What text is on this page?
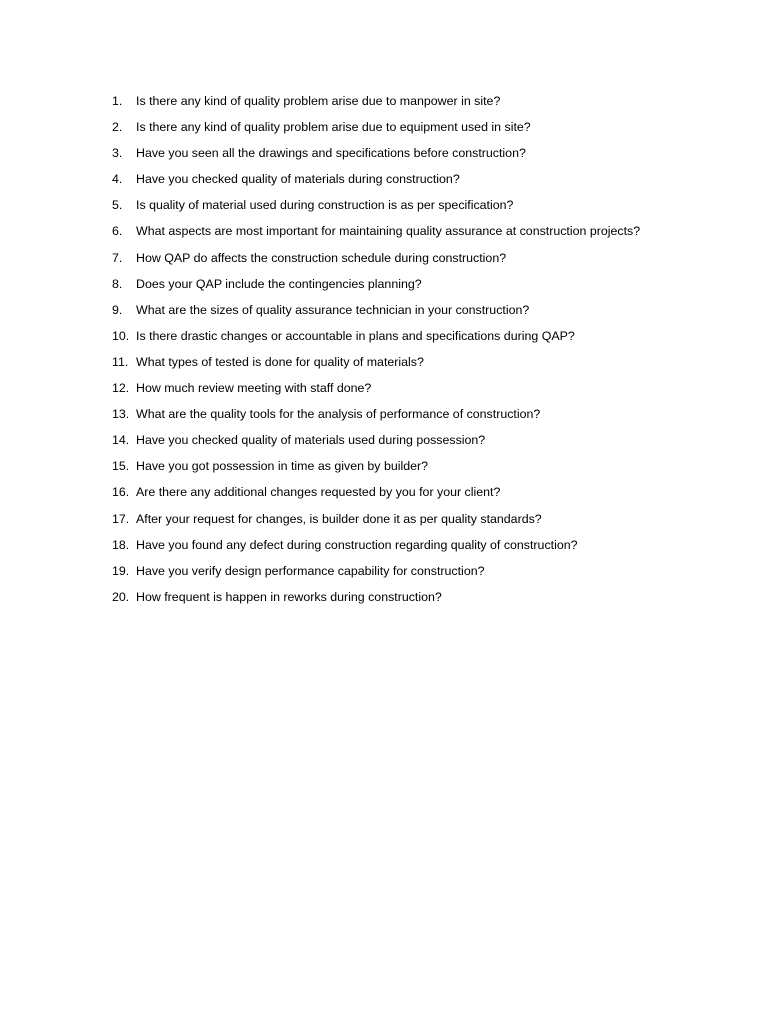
1.	Is there any kind of quality problem arise due to manpower in site?
2.	Is there any kind of quality problem arise due to equipment used in site?
3.	Have you seen all the drawings and specifications before construction?
4.	Have you checked quality of materials during construction?
5.	Is quality of material used during construction is as per specification?
6.	What aspects are most important for maintaining quality assurance at construction projects?
7.	How QAP do affects the construction schedule during construction?
8.	Does your QAP include the contingencies planning?
9.	What are the sizes of quality assurance technician in your construction?
10. Is there drastic changes or accountable in plans and specifications during QAP?
11. What types of tested is done for quality of materials?
12. How much review meeting with staff done?
13. What are the quality tools for the analysis of performance of construction?
14. Have you checked quality of materials used during possession?
15. Have you got possession in time as given by builder?
16. Are there any additional changes requested by you for your client?
17. After your request for changes, is builder done it as per quality standards?
18. Have you found any defect during construction regarding quality of construction?
19. Have you verify design performance capability for construction?
20. How frequent is happen in reworks during construction?
